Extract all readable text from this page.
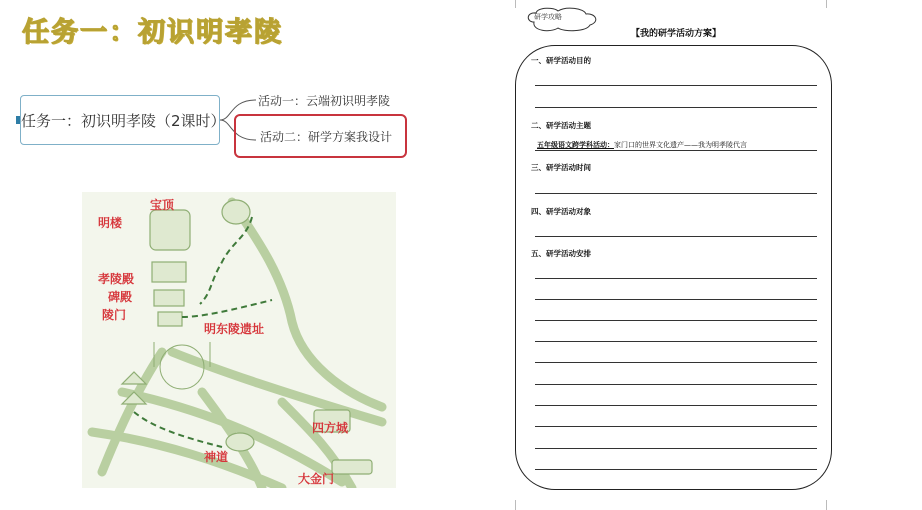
任务一：初识明孝陵
任务一：初识明孝陵（2课时）
活动一：云端初识明孝陵
活动二：研学方案我设计
宝顶
明楼
孝陵殿
碑殿
陵门
明东陵遗址
四方城
神道
大金门
研学攻略
【我的研学活动方案】
一、研学活动目的
二、研学活动主题
五年级语文跨学科活动：家门口的世界文化遗产——我为明孝陵代言
三、研学活动时间
四、研学活动对象
五、研学活动安排
